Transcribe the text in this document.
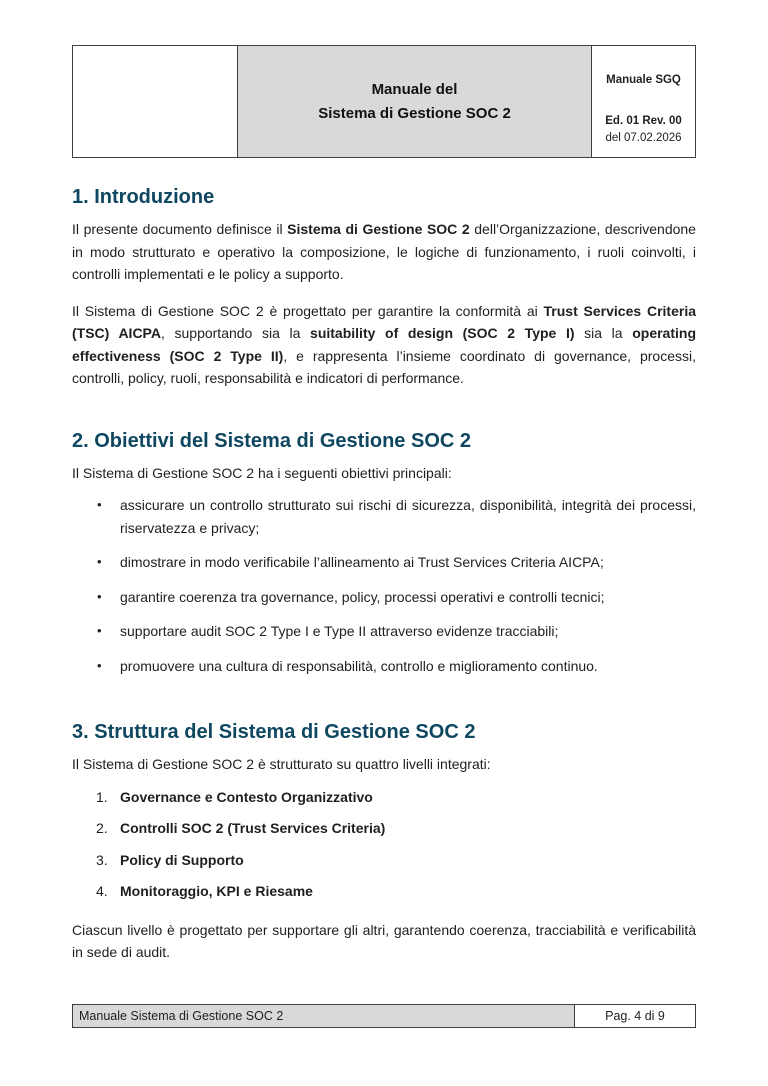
Manuale del
Sistema di Gestione SOC 2
Manuale SGQ
Ed. 01 Rev. 00
del 07.02.2026
1. Introduzione

Il presente documento definisce il Sistema di Gestione SOC 2 dell’Organizzazione, descrivendone in modo strutturato e operativo la composizione, le logiche di funzionamento, i ruoli coinvolti, i controlli implementati e le policy a supporto.

Il Sistema di Gestione SOC 2 è progettato per garantire la conformità ai Trust Services Criteria (TSC) AICPA, supportando sia la suitability of design (SOC 2 Type I) sia la operating effectiveness (SOC 2 Type II), e rappresenta l’insieme coordinato di governance, processi, controlli, policy, ruoli, responsabilità e indicatori di performance.

2. Obiettivi del Sistema di Gestione SOC 2

Il Sistema di Gestione SOC 2 ha i seguenti obiettivi principali:

•	assicurare un controllo strutturato sui rischi di sicurezza, disponibilità, integrità dei processi, riservatezza e privacy;
•	dimostrare in modo verificabile l’allineamento ai Trust Services Criteria AICPA;
•	garantire coerenza tra governance, policy, processi operativi e controlli tecnici;
•	supportare audit SOC 2 Type I e Type II attraverso evidenze tracciabili;
•	promuovere una cultura di responsabilità, controllo e miglioramento continuo.
3. Struttura del Sistema di Gestione SOC 2

Il Sistema di Gestione SOC 2 è strutturato su quattro livelli integrati:

1. Governance e Contesto Organizzativo
2. Controlli SOC 2 (Trust Services Criteria)
3. Policy di Supporto
4. Monitoraggio, KPI e Riesame

Ciascun livello è progettato per supportare gli altri, garantendo coerenza, tracciabilità e verificabilità in sede di audit.

Manuale Sistema di Gestione SOC 2	Pag. 4 di 9
